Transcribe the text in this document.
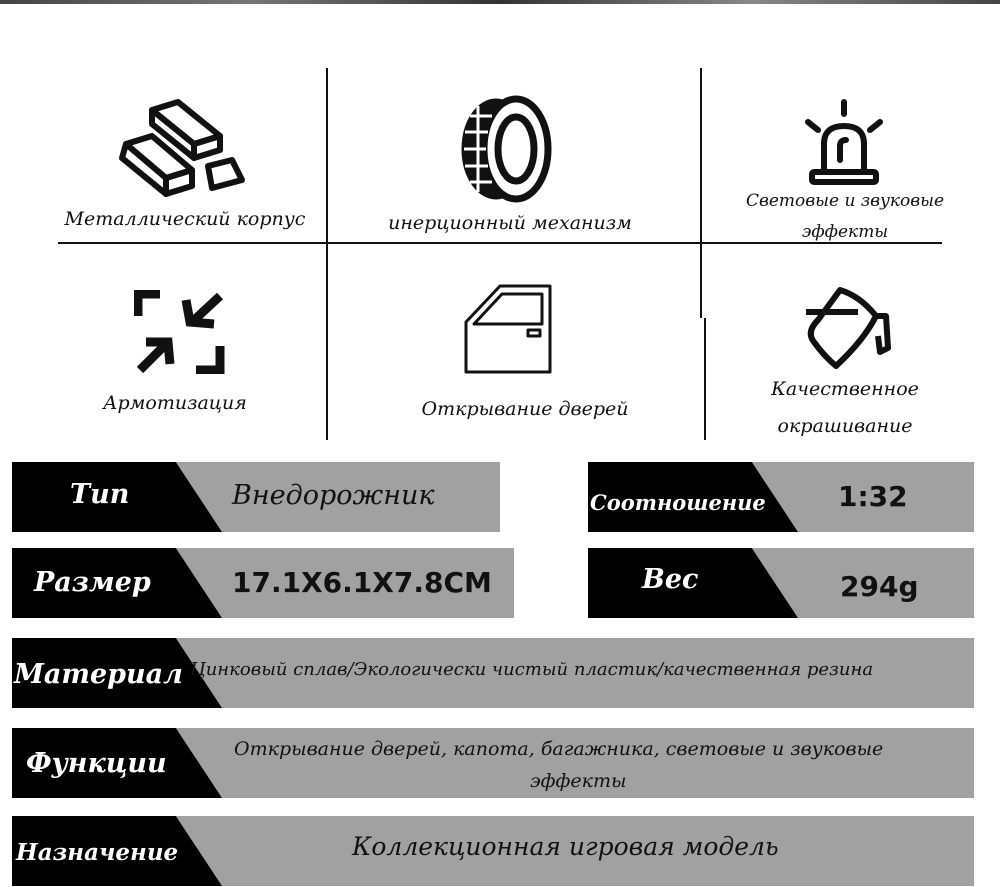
Металлический корпус	инерционный механизм
Световые и звуковые
эффекты
Армотизация	Открывание дверей
Качественное
окрашивание
Тип	Внедорожник	Соотношение	1:32
Размер	17.1X6.1X7.8CM	Вес	294g
Материал Цинковый сплав/Экологически чистый пластик/качественная резина
Функции	Открывание дверей, капота, багажника, световые и звуковые
эффекты
Назначение	Коллекционная игровая модель
